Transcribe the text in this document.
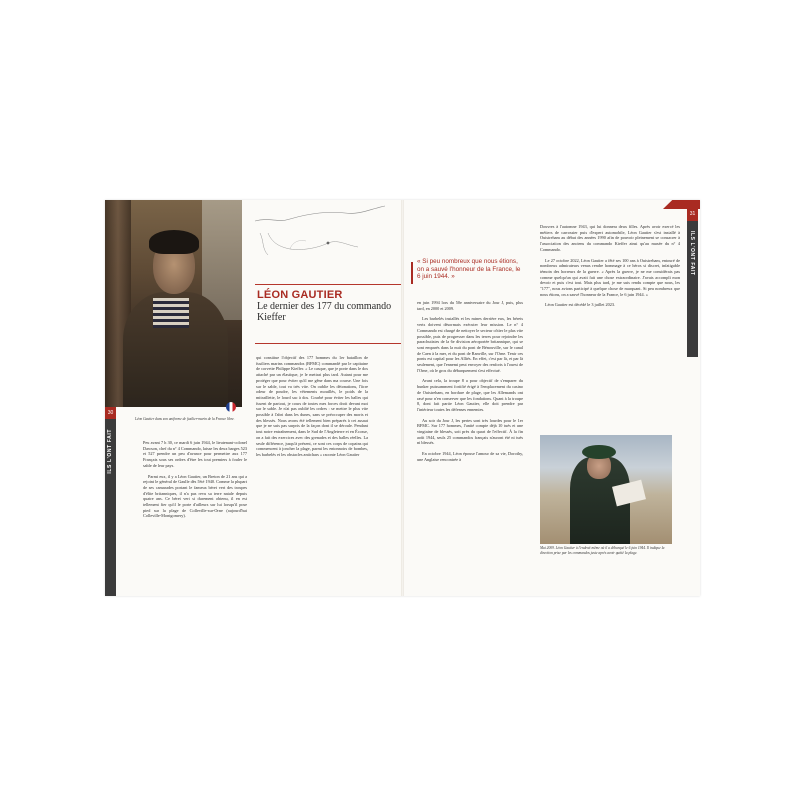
Léon Gautier dans son uniforme de fusilier-marin de la France libre.
30
ILS L'ONT FAIT
LÉON GAUTIER
Le dernier des 177 du commando Kieffer

Peu avant 7 h 30, ce mardi 6 juin 1944, le lieutenant-colonel Dawson, chef du n° 4 Commando, laisse les deux barges 523 et 527 prendre un peu d'avance pour permettre aux 177 Français sous ses ordres d'être les tout premiers à fouler le sable de leur pays.

Parmi eux, il y a Léon Gautier, un Breton de 21 ans qui a rejoint le général de Gaulle dès l'été 1940. Comme la plupart de ses camarades portant le fameux béret vert des troupes d'élite britanniques, il n'a pas revu sa terre natale depuis quatre ans. Ce béret vert si durement obtenu, il en est tellement fier qu'il le porte d'ailleurs sur lui lorsqu'il pose pied sur la plage de Colleville-sur-Orne (aujourd'hui Colleville-Montgomery).

qui constitue l'objectif des 177 hommes du 1er bataillon de fusiliers marins commandos (BFMC) commandé par le capitaine de corvette Philippe Kieffer. « Le casque, que je porte dans le dos attaché par un élastique, je le mettrai plus tard. Autant pour me protéger que pour éviter qu'il me gêne dans ma course. Une fois sur le sable, tout va très vite. On oublie les détonations, l'âcre odeur de poudre, les vêtements mouillés, le poids de la mitraillette, le lourd sac à dos. Courbé pour éviter les balles qui fusent de partout, je cours de toutes mes forces droit devant moi sur le sable. Je n'ai pas oublié les ordres : se mettre le plus vite possible à l'abri dans les dunes, sans se préoccuper des morts et des blessés. Nous avons été tellement bien préparés à cet assaut que je ne suis pas surpris de la façon dont il se déroule. Pendant tout notre entraînement, dans le Sud de l'Angleterre et en Écosse, on a fait des exercices avec des grenades et des balles réelles. La seule différence, jusqu'à présent, ce sont ces corps de copains qui commencent à joncher la plage, parmi les entonnoirs de bombes, les barbelés et les obstacles antichars » raconte Léon Gautier

« Si peu nombreux que nous étions, on a sauvé l'honneur de la France, le 6 juin 1944. »

en juin 1994 lors du 50e anniversaire du Jour J, puis, plus tard, en 2000 et 2009.

Les barbelés installés et les mines derrière eux, les bérets verts doivent désormais exécuter leur mission. Le n° 4 Commando est chargé de nettoyer le secteur côtier le plus vite possible, puis de progresser dans les terres pour rejoindre les parachutistes de la 6e division aéroportée britannique, qui se sont emparés dans la nuit du pont de Bénouville, sur le canal de Caen à la mer, et du pont de Ranville, sur l'Orne. Tenir ces ponts est capital pour les Alliés. En effet, c'est par là, et par là seulement, que l'ennemi peut envoyer des renforts à l'ouest de l'Orne, où le gros du débarquement s'est effectué.

Avant cela, la troupe 8 a pour objectif de s'emparer du bunker puissamment fortifié érigé à l'emplacement du casino de Ouistreham, en bordure de plage, que les Allemands ont rasé pour n'en conserver que les fondations. Quant à la troupe 8, dont fait partie Léon Gautier, elle doit prendre par l'intérieur toutes les défenses ennemies.

Au soir du Jour J, les pertes sont très lourdes pour le 1er BFMC. Sur 177 hommes, l'unité compte déjà 10 tués et une vingtaine de blessés, soit près du quart de l'effectif. À la fin août 1944, seuls 25 commandos français n'auront été ni tués ni blessés.

En octobre 1944, Léon épouse l'amour de sa vie, Dorothy, une Anglaise rencontrée à

Douvres à l'automne 1943, qui lui donnera deux filles. Après avoir exercé les métiers de carrossier puis d'expert automobile, Léon Gautier s'est installé à Ouistreham au début des années 1990 afin de pouvoir pleinement se consacrer à l'association des anciens du commando Kieffer ainsi qu'au musée du n° 4 Commando.

Le 27 octobre 2022, Léon Gautier a fêté ses 100 ans à Ouistreham, entouré de nombreux admirateurs venus rendre hommage à ce héros si discret, infatigable témoin des horreurs de la guerre. « Après la guerre, je ne me considérais pas comme quelqu'un qui avait fait une chose extraordinaire. J'avais accompli mon devoir et puis c'est tout. Mais plus tard, je me suis rendu compte que nous, les "177", nous avions participé à quelque chose de marquant. Si peu nombreux que nous étions, on a sauvé l'honneur de la France, le 6 juin 1944. »

Léon Gautier est décédé le 3 juillet 2023.

Mai 2009. Léon Gautier à l'endroit même où il a débarqué le 6 juin 1944. Il indique la direction prise par les commandos juste après avoir quitté la plage.
31
ILS L'ONT FAIT
